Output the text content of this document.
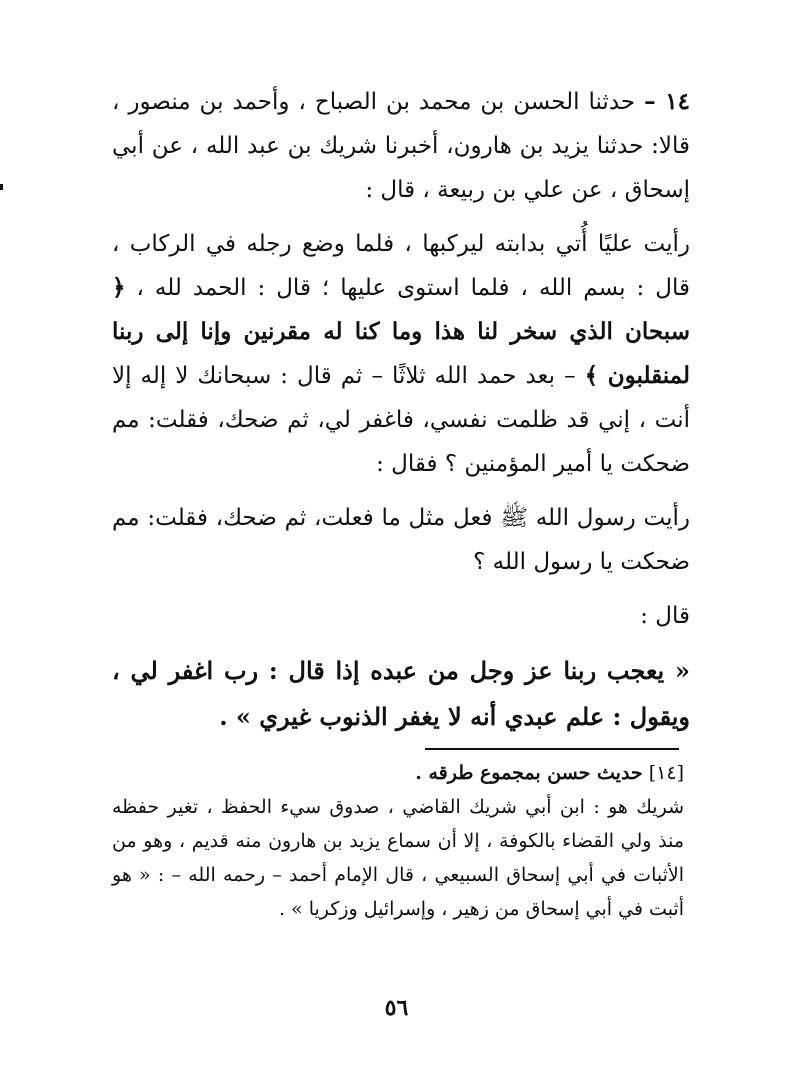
١٤ – حدثنا الحسن بن محمد بن الصباح ، وأحمد بن منصور ، قالا: حدثنا يزيد بن هارون، أخبرنا شريك بن عبد الله ، عن أبي إسحاق ، عن علي بن ربيعة ، قال :

رأيت عليًا أُتي بدابته ليركبها ، فلما وضع رجله في الركاب ، قال : بسم الله ، فلما استوى عليها ؛ قال : الحمد لله ، ﴿ سبحان الذي سخر لنا هذا وما كنا له مقرنين وإنا إلى ربنا لمنقلبون ﴾ – بعد حمد الله ثلاثًا – ثم قال : سبحانك لا إله إلا أنت ، إني قد ظلمت نفسي، فاغفر لي، ثم ضحك، فقلت: مم ضحكت يا أمير المؤمنين ؟ فقال :

رأيت رسول الله ﷺ فعل مثل ما فعلت، ثم ضحك، فقلت: مم ضحكت يا رسول الله ؟

قال :

« يعجب ربنا عز وجل من عبده إذا قال : رب اغفر لي ، ويقول : علم عبدي أنه لا يغفر الذنوب غيري » .

[١٤] حديث حسن بمجموع طرقه .
شريك هو : ابن أبي شريك القاضي ، صدوق سيء الحفظ ، تغير حفظه منذ ولي القضاء بالكوفة ، إلا أن سماع يزيد بن هارون منه قديم ، وهو من الأثبات في أبي إسحاق السبيعي ، قال الإمام أحمد – رحمه الله – : « هو أثبت في أبي إسحاق من زهير ، وإسرائيل وزكريا » .
٥٦
